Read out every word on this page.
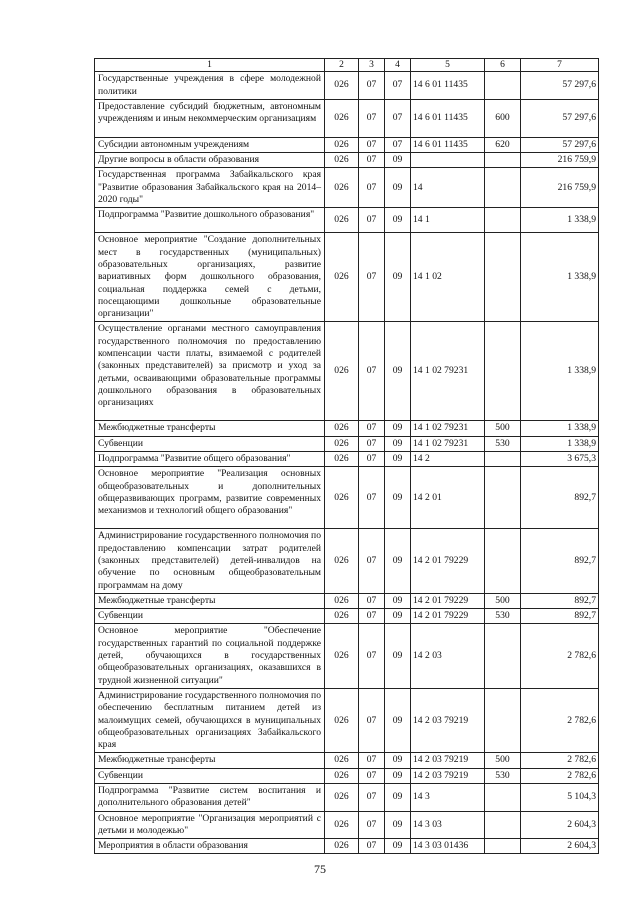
1	2	3	4	5	6	7
Государственные учреждения в сфере молодежной политики	026	07	07	14 6 01 11435		57 297,6
Предоставление субсидий бюджетным, автономным учреждениям и иным некоммерческим организациям	026	07	07	14 6 01 11435	600	57 297,6
Субсидии автономным учреждениям	026	07	07	14 6 01 11435	620	57 297,6
Другие вопросы в области образования	026	07	09			216 759,9
Государственная программа Забайкальского края "Развитие образования Забайкальского края на 2014–2020 годы"	026	07	09	14		216 759,9
Подпрограмма "Развитие дошкольного образования"	026	07	09	14 1		1 338,9
Основное мероприятие "Создание дополнительных мест в государственных (муниципальных) образовательных организациях, развитие вариативных форм дошкольного образования, социальная поддержка семей с детьми, посещающими дошкольные образовательные организации"	026	07	09	14 1 02		1 338,9
Осуществление органами местного самоуправления государственного полномочия по предоставлению компенсации части платы, взимаемой с родителей (законных представителей) за присмотр и уход за детьми, осваивающими образовательные программы дошкольного образования в образовательных организациях	026	07	09	14 1 02 79231		1 338,9
Межбюджетные трансферты	026	07	09	14 1 02 79231	500	1 338,9
Субвенции	026	07	09	14 1 02 79231	530	1 338,9
Подпрограмма "Развитие общего образования"	026	07	09	14 2		3 675,3
Основное мероприятие "Реализация основных общеобразовательных и дополнительных общеразвивающих программ, развитие современных механизмов и технологий общего образования"	026	07	09	14 2 01		892,7
Администрирование государственного полномочия по предоставлению компенсации затрат родителей (законных представителей) детей-инвалидов на обучение по основным общеобразовательным программам на дому	026	07	09	14 2 01 79229		892,7
Межбюджетные трансферты	026	07	09	14 2 01 79229	500	892,7
Субвенции	026	07	09	14 2 01 79229	530	892,7
Основное мероприятие "Обеспечение государственных гарантий по социальной поддержке детей, обучающихся в государственных общеобразовательных организациях, оказавшихся в трудной жизненной ситуации"	026	07	09	14 2 03		2 782,6
Администрирование государственного полномочия по обеспечению бесплатным питанием детей из малоимущих семей, обучающихся в муниципальных общеобразовательных организациях Забайкальского края	026	07	09	14 2 03 79219		2 782,6
Межбюджетные трансферты	026	07	09	14 2 03 79219	500	2 782,6
Субвенции	026	07	09	14 2 03 79219	530	2 782,6
Подпрограмма "Развитие систем воспитания и дополнительного образования детей"	026	07	09	14 3		5 104,3
Основное мероприятие "Организация мероприятий с детьми и молодежью"	026	07	09	14 3 03		2 604,3
Мероприятия в области образования	026	07	09	14 3 03 01436		2 604,3
75
